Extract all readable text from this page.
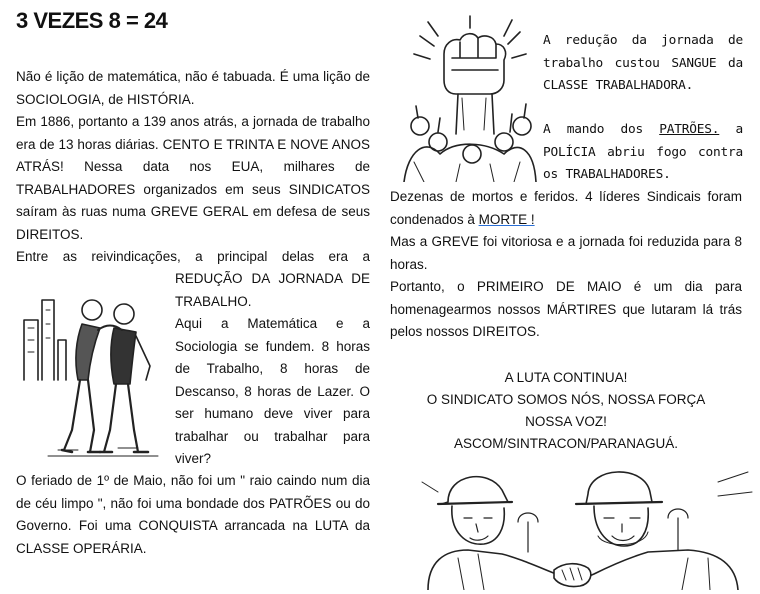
3 VEZES 8 = 24

Não é lição de matemática, não é tabuada. É uma lição de SOCIOLOGIA, de HISTÓRIA.

Em 1886, portanto a 139 anos atrás, a jornada de trabalho era de 13 horas diárias. CENTO E TRINTA E NOVE ANOS ATRÁS! Nessa data nos EUA, milhares de TRABALHADORES organizados em seus SINDICATOS saíram às ruas numa GREVE GERAL em defesa de seus DIREITOS.

Entre as reivindicações, a principal delas era a

REDUÇÃO DA JORNADA DE TRABALHO.

Aqui a Matemática e a Sociologia se fundem. 8 horas de Trabalho, 8 horas de Descanso, 8 horas de Lazer. O ser humano deve viver para trabalhar ou trabalhar para viver?

O feriado de 1º de Maio, não foi um " raio caindo num dia de céu limpo ", não foi uma bondade dos PATRÕES ou do Governo. Foi uma CONQUISTA arrancada na LUTA da CLASSE OPERÁRIA.

A redução da jornada de trabalho custou SANGUE da CLASSE TRABALHADORA.

A mando dos PATRÕES. a POLÍCIA abriu fogo contra os TRABALHADORES.

Dezenas de mortos e feridos. 4 líderes Sindicais foram condenados à MORTE !

Mas a GREVE foi vitoriosa e a jornada foi reduzida para 8 horas.

Portanto, o PRIMEIRO DE MAIO é um dia para homenagearmos nossos MÁRTIRES que lutaram lá trás pelos nossos DIREITOS.

A LUTA CONTINUA!
O SINDICATO SOMOS NÓS, NOSSA FORÇA
NOSSA VOZ!
ASCOM/SINTRACON/PARANAGUÁ.
